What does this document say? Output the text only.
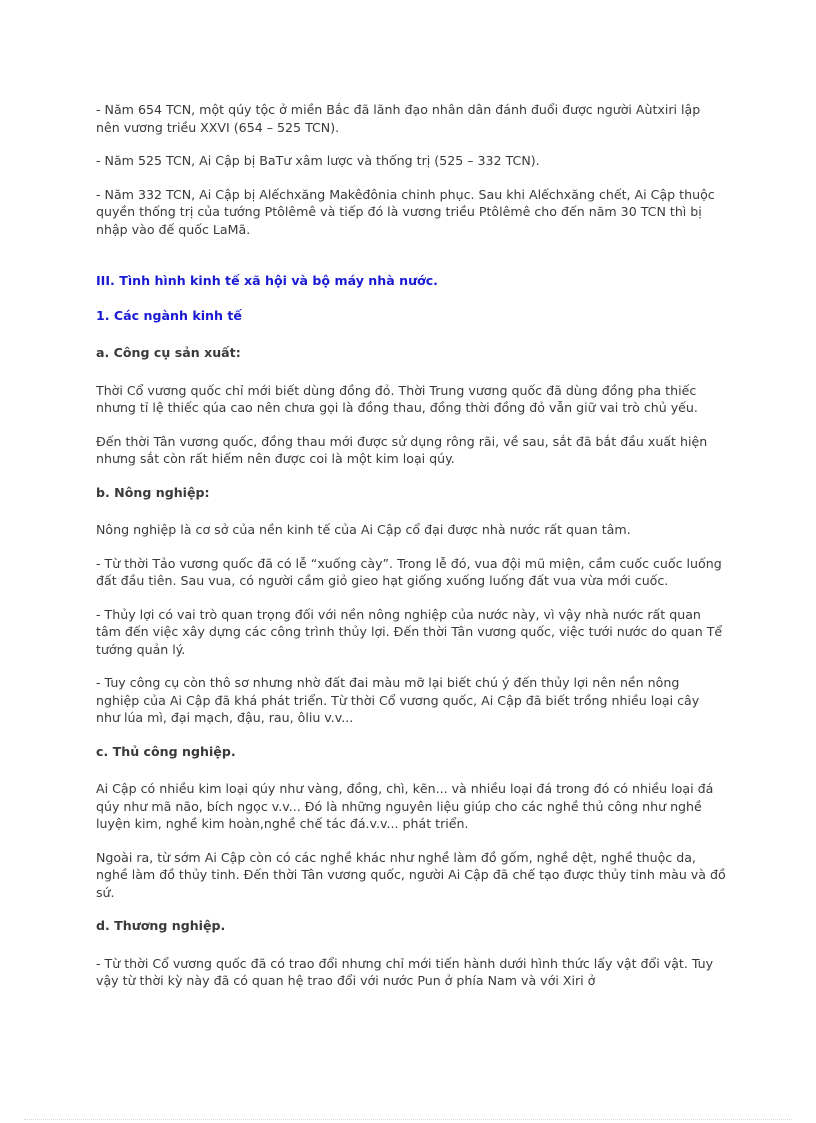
- Năm 654 TCN, một qúy tộc ở miền Bắc đã lãnh đạo nhân dân đánh đuổi được người Aùtxiri lập nên vương triều XXVI (654 – 525 TCN).

- Năm 525 TCN, Ai Cập bị BaTư xâm lược và thống trị (525 – 332 TCN).

- Năm 332 TCN, Ai Cập bị Alếchxăng Makêđônia chinh phục. Sau khi Alếchxăng chết, Ai Cập thuộc quyền thống trị của tướng Ptôlêmê và tiếp đó là vương triều Ptôlêmê cho đến năm 30 TCN thì bị nhập vào đế quốc LaMã.

III. Tình hình kinh tế xã hội và bộ máy nhà nước.

1. Các ngành kinh tế

a. Công cụ sản xuất:

Thời Cổ vương quốc chỉ mới biết dùng đồng đỏ. Thời Trung vương quốc đã dùng đồng pha thiếc nhưng tỉ lệ thiếc qúa cao nên chưa gọi là đồng thau, đồng thời đồng đỏ vẫn giữ vai trò chủ yếu.

Đến thời Tân vương quốc, đồng thau mới được sử dụng rông rãi, về sau, sắt đã bắt đầu xuất hiện nhưng sắt còn rất hiếm nên được coi là một kim loại qúy.

b. Nông nghiệp:

Nông nghiệp là cơ sở của nền kinh tế của Ai Cập cổ đại được nhà nước rất quan tâm.

- Từ thời Tảo vương quốc đã có lễ “xuống cày”. Trong lễ đó, vua đội mũ miện, cầm cuốc cuốc luống đất đầu tiên. Sau vua, có người cầm giỏ gieo hạt giống xuống luống đất vua vừa mới cuốc.

- Thủy lợi có vai trò quan trọng đối với nền nông nghiệp của nước này, vì vậy nhà nước rất quan tâm đến việc xây dựng các công trình thủy lợi. Đến thời Tân vương quốc, việc tưới nước do quan Tể tướng quản lý.

- Tuy công cụ còn thô sơ nhưng nhờ đất đai màu mỡ lại biết chú ý đến thủy lợi nên nền nông nghiệp của Ai Cập đã khá phát triển. Từ thời Cổ vương quốc, Ai Cập đã biết trồng nhiều loại cây như lúa mì, đại mạch, đậu, rau, ôliu v.v...

c. Thủ công nghiệp.

Ai Cập có nhiều kim loại qúy như vàng, đồng, chì, kẽn... và nhiều loại đá trong đó có nhiều loại đá qúy như mã não, bích ngọc v.v... Đó là những nguyên liệu giúp cho các nghề thủ công như nghề luyện kim, nghề kim hoàn,nghề chế tác đá.v.v... phát triển.

Ngoài ra, từ sớm Ai Cập còn có các nghề khác như nghề làm đồ gốm, nghề dệt, nghề thuộc da, nghề làm đồ thủy tinh. Đến thời Tân vương quốc, người Ai Cập đã chế tạo được thủy tinh màu và đồ sứ.

d. Thương nghiệp.

- Từ thời Cổ vương quốc đã có trao đổi nhưng chỉ mới tiến hành dưới hình thức lấy vật đổi vật. Tuy vậy từ thời kỳ này đã có quan hệ trao đổi với nước Pun ở phía Nam và với Xiri ở
